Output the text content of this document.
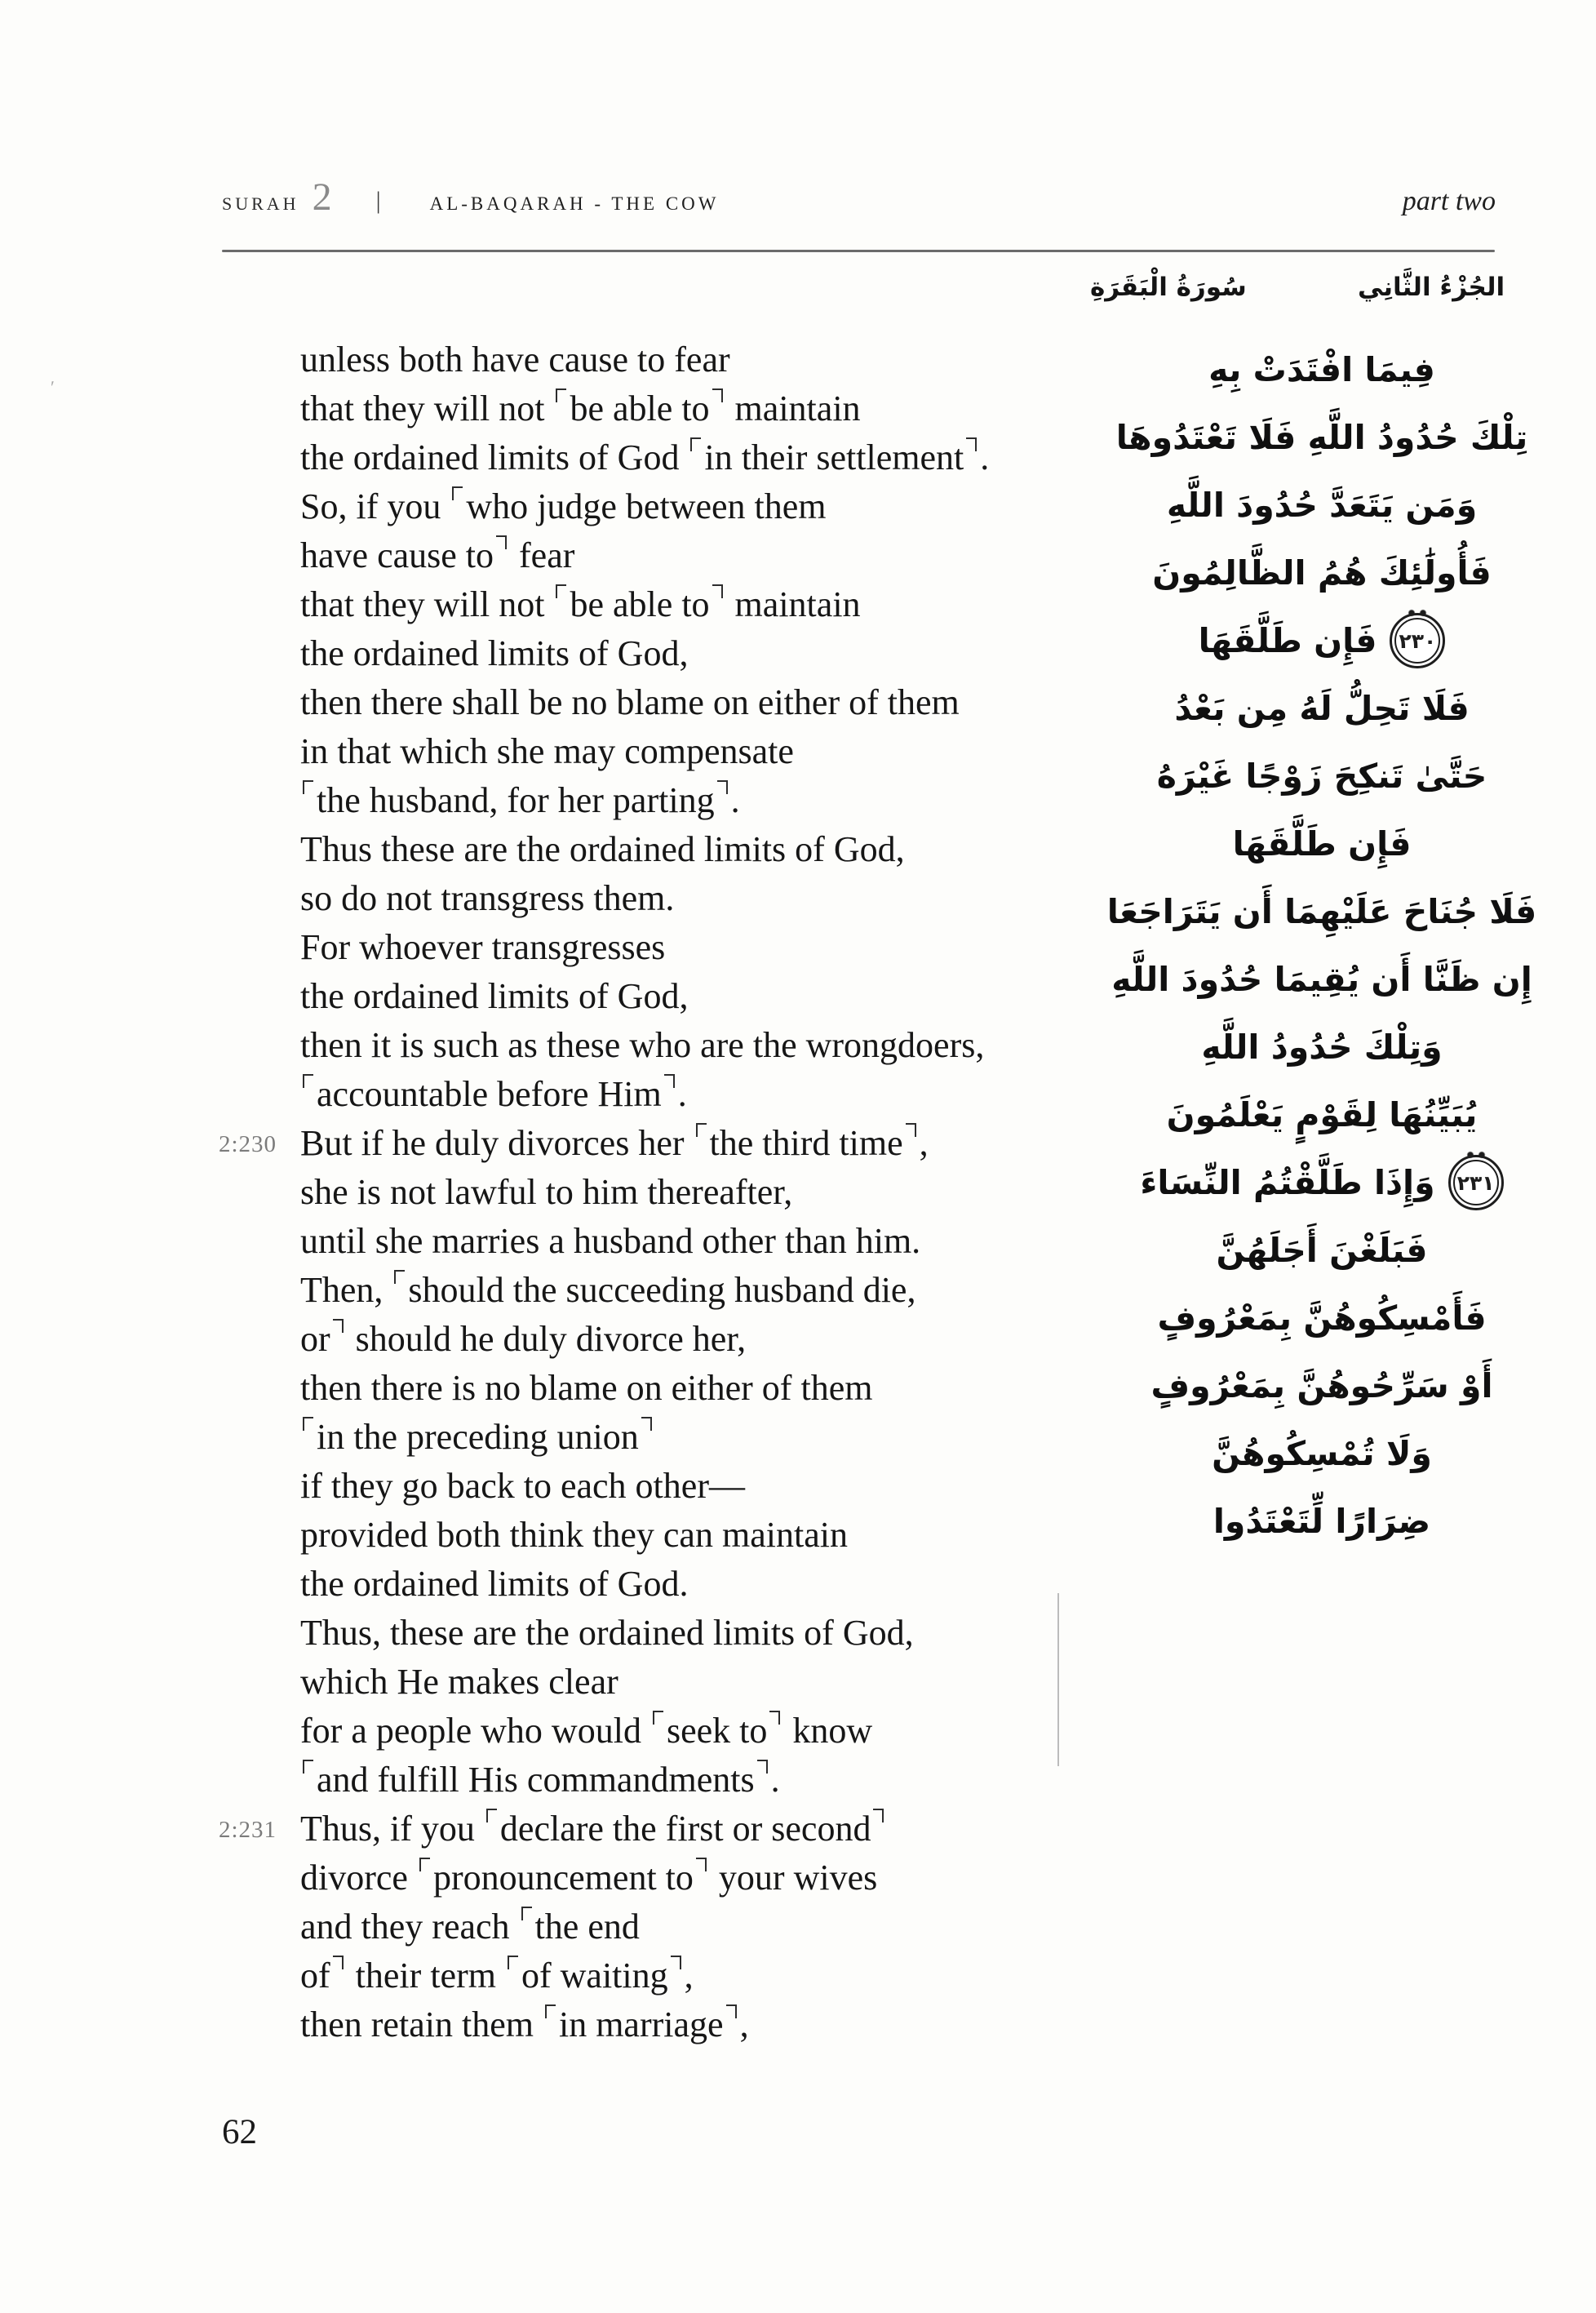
SURAH 2 |	AL-BAQARAH - THE COW	part two
سُورَةُ الْبَقَرَةِ	الجُزْءُ الثَّانِي
unless both have cause to fear
that they will not be able to maintain
the ordained limits of God in their settlement .
So, if you who judge between them
have cause to fear
that they will not be able to maintain
the ordained limits of God,
then there shall be no blame on either of them
in that which she may compensate
the husband, for her parting .
Thus these are the ordained limits of God,
so do not transgress them.
For whoever transgresses
the ordained limits of God,
then it is such as these who are the wrongdoers,
accountable before Him .
2:230 But if he duly divorces her the third time ,
she is not lawful to him thereafter,
until she marries a husband other than him.
Then, should the succeeding husband die,
or should he duly divorce her,
then there is no blame on either of them
in the preceding union
if they go back to each other—
provided both think they can maintain
the ordained limits of God.
Thus, these are the ordained limits of God,
which He makes clear
for a people who would seek to know
and fulfill His commandments .
2:231 Thus, if you declare the first or second
divorce pronouncement to your wives
and they reach the end
of their term of waiting ,
then retain them in marriage ,
فِيمَا افْتَدَتْ بِهِ
تِلْكَ حُدُودُ اللَّهِ فَلَا تَعْتَدُوهَا
وَمَن يَتَعَدَّ حُدُودَ اللَّهِ
فَأُولَٰئِكَ هُمُ الظَّالِمُونَ
٢٣٠
فَإِن طَلَّقَهَا
فَلَا تَحِلُّ لَهُ مِن بَعْدُ
حَتَّىٰ تَنكِحَ زَوْجًا غَيْرَهُ
فَإِن طَلَّقَهَا
فَلَا جُنَاحَ عَلَيْهِمَا أَن يَتَرَاجَعَا
إِن ظَنَّا أَن يُقِيمَا حُدُودَ اللَّهِ
وَتِلْكَ حُدُودُ اللَّهِ
يُبَيِّنُهَا لِقَوْمٍ يَعْلَمُونَ
٢٣١
وَإِذَا طَلَّقْتُمُ النِّسَاءَ
فَبَلَغْنَ أَجَلَهُنَّ
فَأَمْسِكُوهُنَّ بِمَعْرُوفٍ
أَوْ سَرِّحُوهُنَّ بِمَعْرُوفٍ
وَلَا تُمْسِكُوهُنَّ
ضِرَارًا لِّتَعْتَدُوا
62
ʹ
